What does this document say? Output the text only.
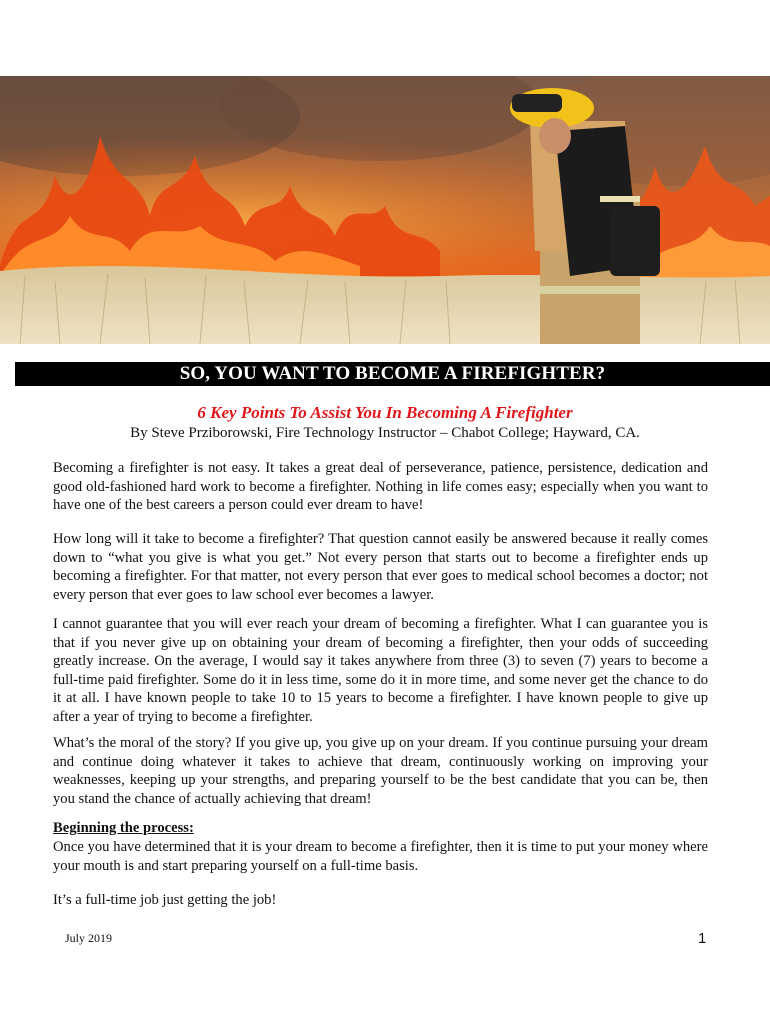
SO, YOU WANT TO BECOME A FIREFIGHTER?
6 Key Points To Assist You In Becoming A Firefighter
By Steve Prziborowski, Fire Technology Instructor – Chabot College; Hayward, CA.

Becoming a firefighter is not easy. It takes a great deal of perseverance, patience, persistence, dedication and good old-fashioned hard work to become a firefighter. Nothing in life comes easy; especially when you want to have one of the best careers a person could ever dream to have!

How long will it take to become a firefighter? That question cannot easily be answered because it really comes down to “what you give is what you get.” Not every person that starts out to become a firefighter ends up becoming a firefighter. For that matter, not every person that ever goes to medical school becomes a doctor; not every person that ever goes to law school ever becomes a lawyer.

I cannot guarantee that you will ever reach your dream of becoming a firefighter. What I can guarantee you is that if you never give up on obtaining your dream of becoming a firefighter, then your odds of succeeding greatly increase. On the average, I would say it takes anywhere from three (3) to seven (7) years to become a full-time paid firefighter. Some do it in less time, some do it in more time, and some never get the chance to do it at all. I have known people to take 10 to 15 years to become a firefighter. I have known people to give up after a year of trying to become a firefighter.

What’s the moral of the story? If you give up, you give up on your dream. If you continue pursuing your dream and continue doing whatever it takes to achieve that dream, continuously working on improving your weaknesses, keeping up your strengths, and preparing yourself to be the best candidate that you can be, then you stand the chance of actually achieving that dream!

Beginning the process:

Once you have determined that it is your dream to become a firefighter, then it is time to put your money where your mouth is and start preparing yourself on a full-time basis.

It’s a full-time job just getting the job!

July 2019	1
